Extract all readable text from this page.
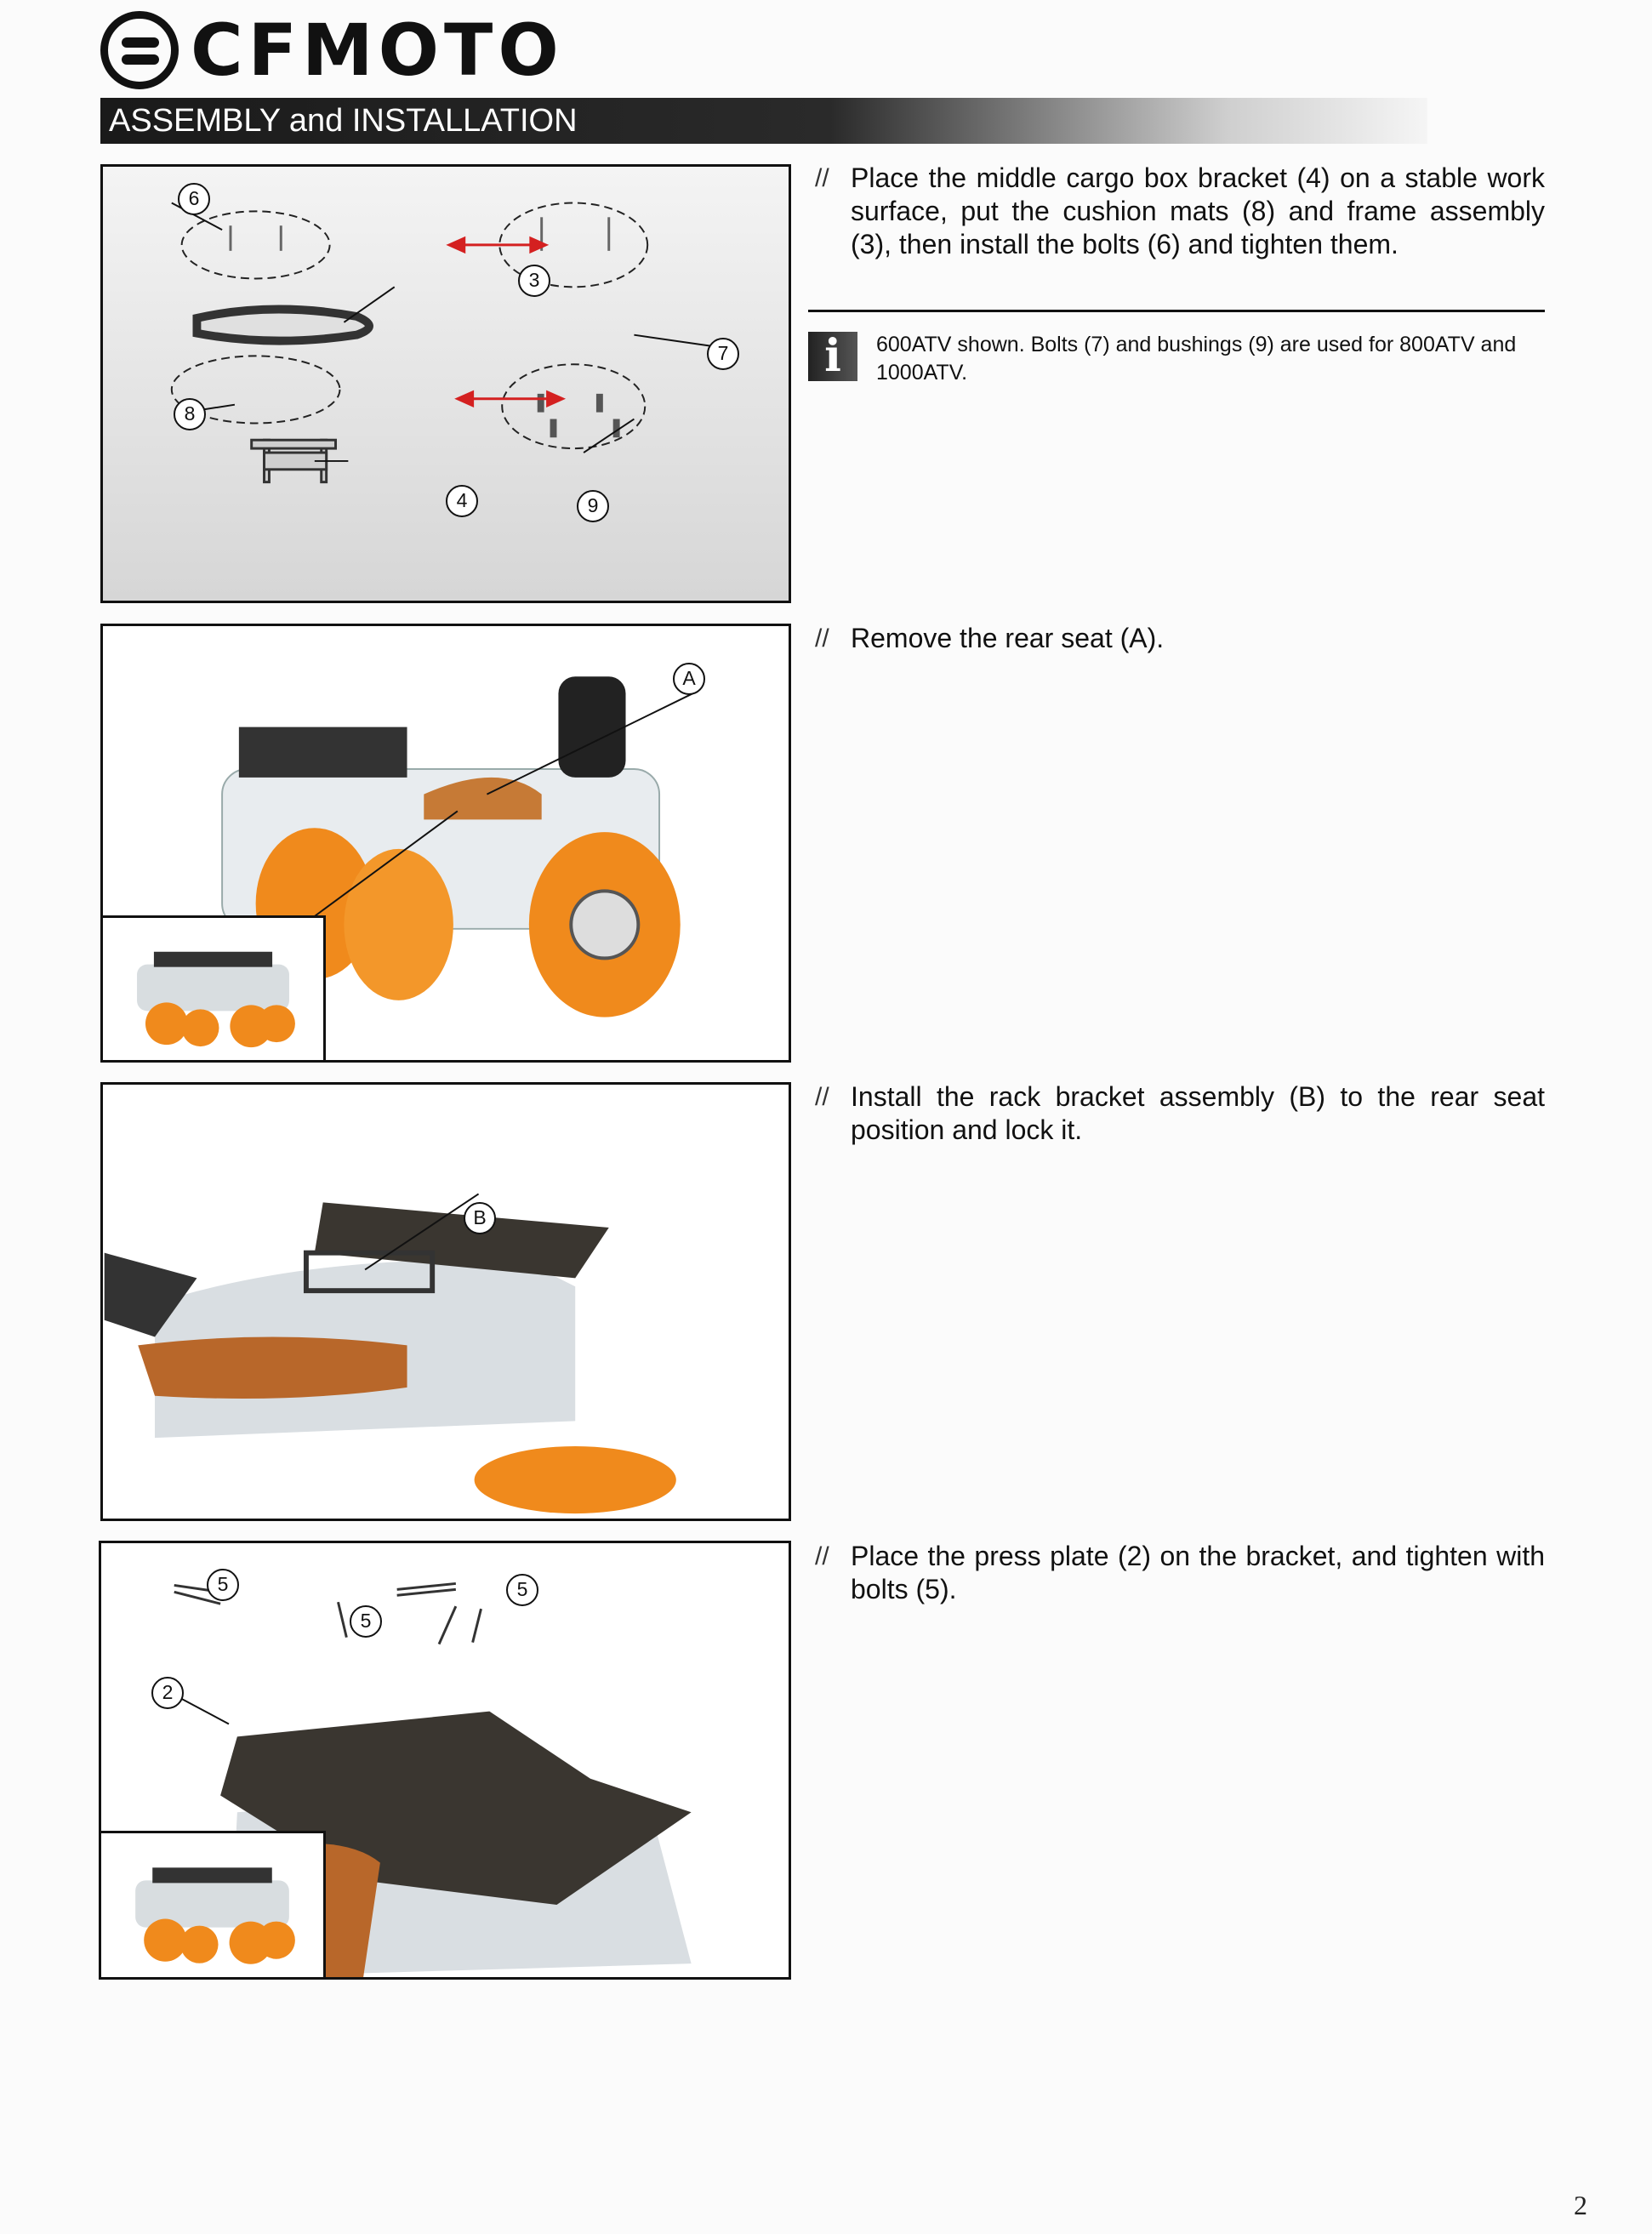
CFMOTO
ASSEMBLY and INSTALLATION
6
3
7
8
4	9
A
B
5
5
5
2
// Place the middle cargo box bracket (4) on a stable work surface, put the cushion mats (8) and frame assembly (3), then install the bolts (6) and tighten them.
i	600ATV shown. Bolts (7) and bushings (9) are used for 800ATV and 1000ATV.
// Remove the rear seat (A).
// Install the rack bracket assembly (B) to the rear seat position and lock it.
// Place the press plate (2) on the bracket, and tighten with bolts (5).
2
